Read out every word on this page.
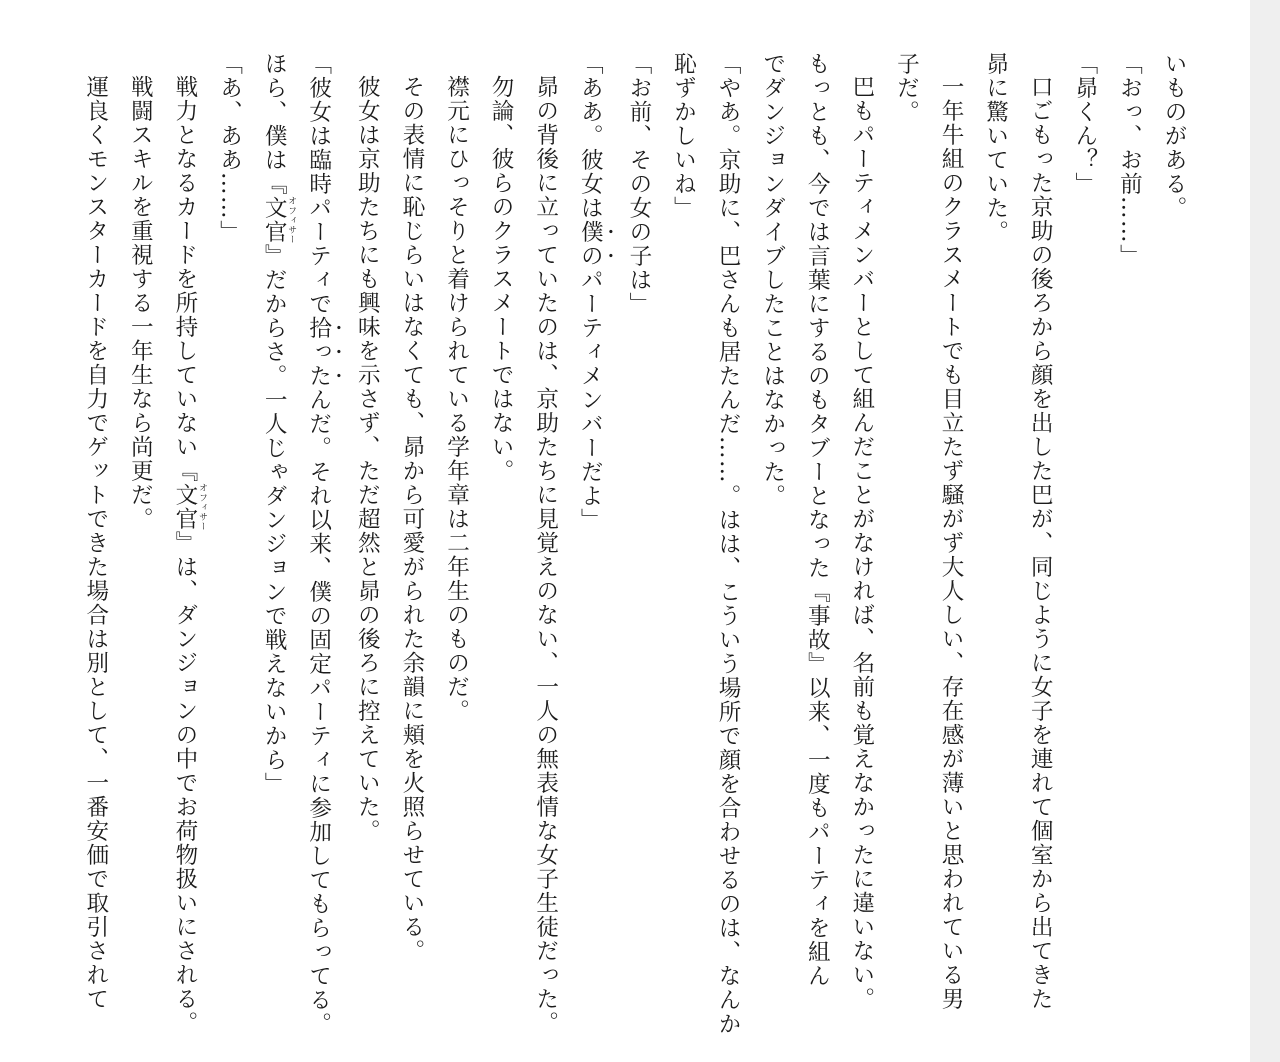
いものがある。
「おっ、お前……」
「昴くん？」
口ごもった京助の後ろから顔を出した巴が、同じように女子を連れて個室から出てきた
昴に驚いていた。
一年牛組のクラスメートでも目立たず騒がず大人しい、存在感が薄いと思われている男
子だ。
巴もパーティメンバーとして組んだことがなければ、名前も覚えなかったに違いない。
もっとも、今では言葉にするのもタブーとなった『事故』以来、一度もパーティを組ん
でダンジョンダイブしたことはなかった。
「やあ。京助に、巴さんも居たんだ……。はは、こういう場所で顔を合わせるのは、なんか
恥ずかしいね」
「お前、その女の子は」
「ああ。彼女は僕のパーティメンバーだよ」
昴の背後に立っていたのは、京助たちに見覚えのない、一人の無表情な女子生徒だった。
勿論、彼らのクラスメートではない。
襟元にひっそりと着けられている学年章は二年生のものだ。
その表情に恥じらいはなくても、昴から可愛がられた余韻に頬を火照らせている。
彼女は京助たちにも興味を示さず、ただ超然と昴の後ろに控えていた。
「彼女は臨時パーティで拾ったんだ。それ以来、僕の固定パーティに参加してもらってる。
ほら、僕は『文官 オフィサー』だからさ。一人じゃダンジョンで戦えないから」
「あ、ああ……」
戦力となるカードを所持していない『文官 オフィサー』は、ダンジョンの中でお荷物扱いにされる。
戦闘スキルを重視する一年生なら尚更だ。
運良くモンスターカードを自力でゲットできた場合は別として、一番安価で取引されて
